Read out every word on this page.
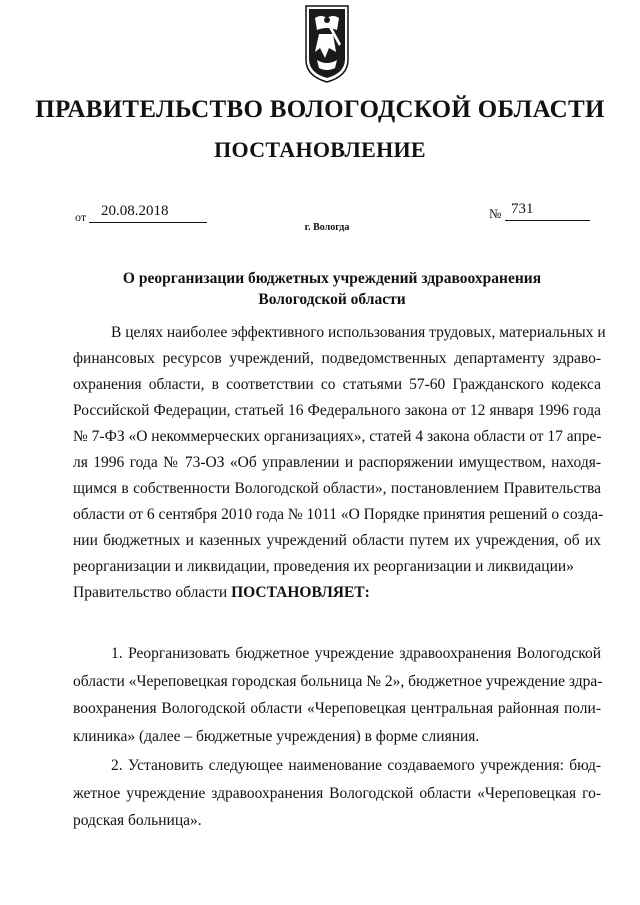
ПРАВИТЕЛЬСТВО ВОЛОГОДСКОЙ ОБЛАСТИ
ПОСТАНОВЛЕНИЕ
от 20.08.2018	№ 731
г. Вологда
О реорганизации бюджетных учреждений здравоохранения
Вологодской области
В целях наиболее эффективного использования трудовых, материальных и
финансовых ресурсов учреждений, подведомственных департаменту здраво-
охранения области, в соответствии со статьями 57-60 Гражданского кодекса
Российской Федерации, статьей 16 Федерального закона от 12 января 1996 года
№ 7-ФЗ «О некоммерческих организациях», статей 4 закона области от 17 апре-
ля 1996 года № 73-ОЗ «Об управлении и распоряжении имуществом, находя-
щимся в собственности Вологодской области», постановлением Правительства
области от 6 сентября 2010 года № 1011 «О Порядке принятия решений о созда-
нии бюджетных и казенных учреждений области путем их учреждения, об их
реорганизации и ликвидации, проведения их реорганизации и ликвидации»
Правительство области ПОСТАНОВЛЯЕТ:
1. Реорганизовать бюджетное учреждение здравоохранения Вологодской
области «Череповецкая городская больница № 2», бюджетное учреждение здра-
воохранения Вологодской области «Череповецкая центральная районная поли-
клиника» (далее – бюджетные учреждения) в форме слияния.
2. Установить следующее наименование создаваемого учреждения: бюд-
жетное учреждение здравоохранения Вологодской области «Череповецкая го-
родская больница».
